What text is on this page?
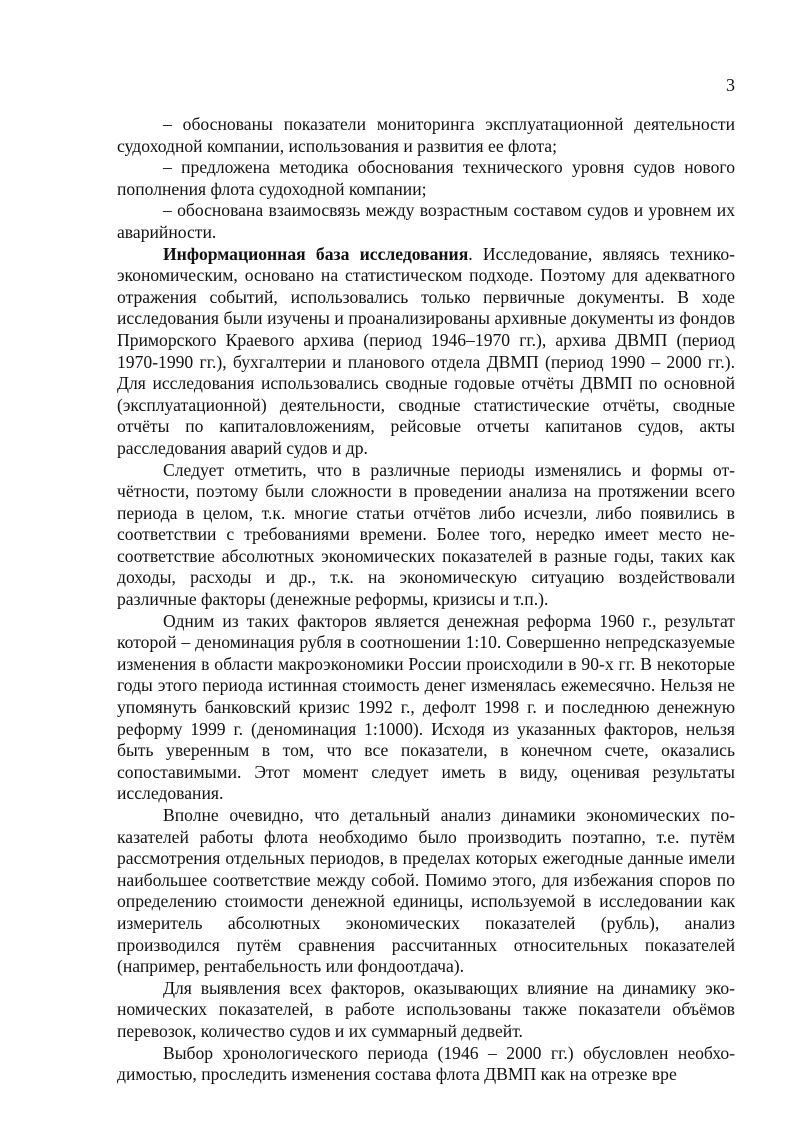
3

– обоснованы показатели мониторинга эксплуатационной деятельности судоходной компании, использования и развития ее флота;

– предложена методика обоснования технического уровня судов нового пополнения флота судоходной компании;

– обоснована взаимосвязь между возрастным составом судов и уровнем их аварийности.

Информационная база исследования. Исследование, являясь технико-экономическим, основано на статистическом подходе. Поэтому для адекватного отражения событий, использовались только первичные документы. В ходе исследования были изучены и проанализированы архивные документы из фондов Приморского Краевого архива (период 1946–1970 гг.), архива ДВМП (период 1970-1990 гг.), бухгалтерии и планового отдела ДВМП (период 1990 – 2000 гг.). Для исследования использовались сводные годовые отчёты ДВМП по основной (эксплуатационной) деятельности, сводные статистические отчёты, сводные отчёты по капиталовложениям, рейсовые отчеты капитанов судов, акты расследования аварий судов и др.

Следует отметить, что в различные периоды изменялись и формы отчётности, поэтому были сложности в проведении анализа на протяжении всего периода в целом, т.к. многие статьи отчётов либо исчезли, либо появились в соответствии с требованиями времени. Более того, нередко имеет место несоответствие абсолютных экономических показателей в разные годы, таких как доходы, расходы и др., т.к. на экономическую ситуацию воздействовали различные факторы (денежные реформы, кризисы и т.п.).

Одним из таких факторов является денежная реформа 1960 г., результат которой – деноминация рубля в соотношении 1:10. Совершенно непредсказуемые изменения в области макроэкономики России происходили в 90-х гг. В некоторые годы этого периода истинная стоимость денег изменялась ежемесячно. Нельзя не упомянуть банковский кризис 1992 г., дефолт 1998 г. и последнюю денежную реформу 1999 г. (деноминация 1:1000). Исходя из указанных факторов, нельзя быть уверенным в том, что все показатели, в конечном счете, оказались сопоставимыми. Этот момент следует иметь в виду, оценивая результаты исследования.

Вполне очевидно, что детальный анализ динамики экономических показателей работы флота необходимо было производить поэтапно, т.е. путём рассмотрения отдельных периодов, в пределах которых ежегодные данные имели наибольшее соответствие между собой. Помимо этого, для избежания споров по определению стоимости денежной единицы, используемой в исследовании как измеритель абсолютных экономических показателей (рубль), анализ производился путём сравнения рассчитанных относительных показателей (например, рентабельность или фондоотдача).

Для выявления всех факторов, оказывающих влияние на динамику экономических показателей, в работе использованы также показатели объёмов перевозок, количество судов и их суммарный дедвейт.

Выбор хронологического периода (1946 – 2000 гг.) обусловлен необходимостью, проследить изменения состава флота ДВМП как на отрезке вре
